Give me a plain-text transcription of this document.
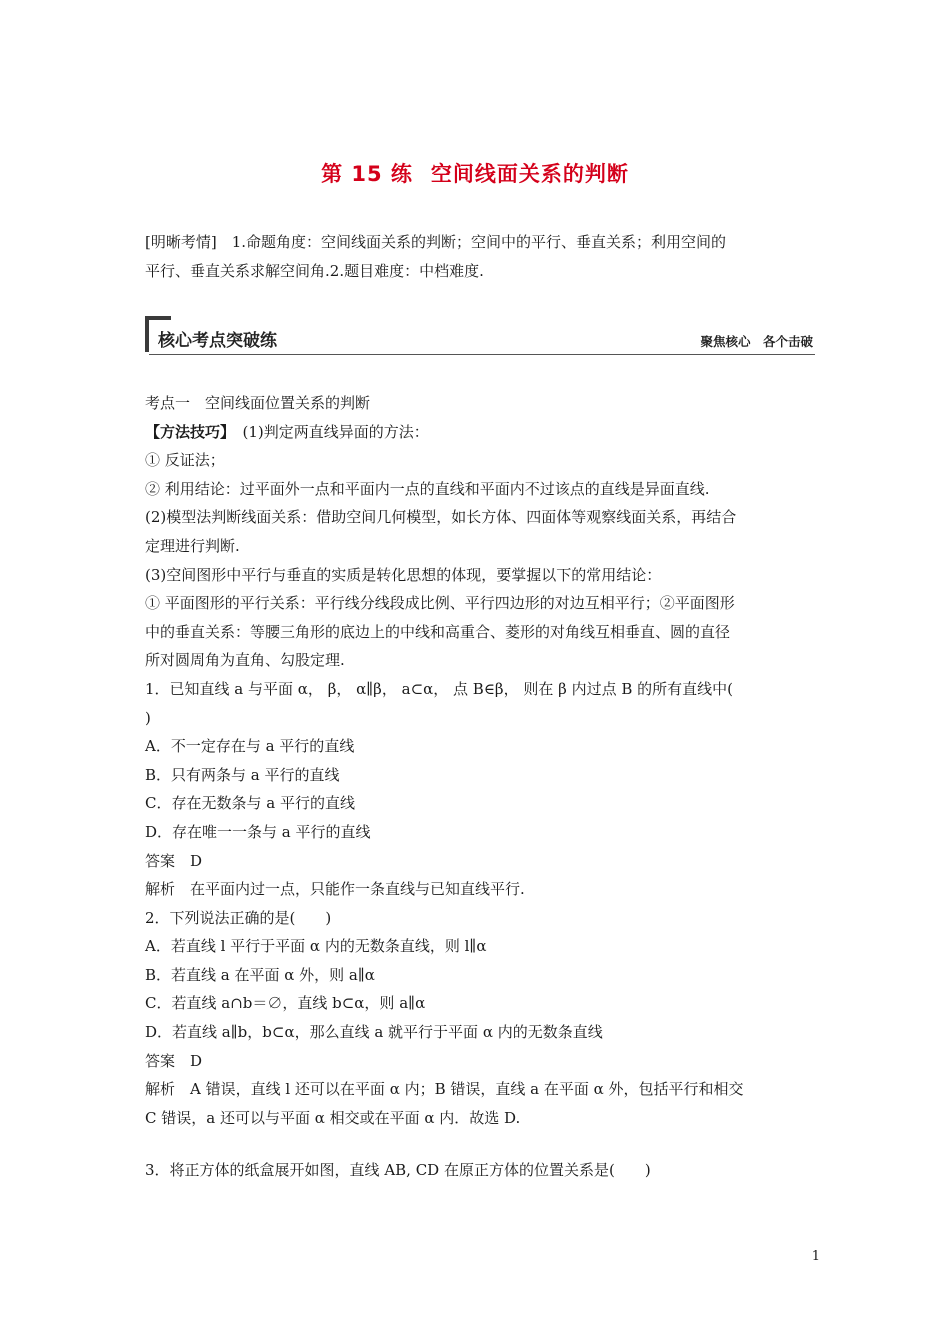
第 15 练 空间线面关系的判断
[明晰考情]　1.命题角度：空间线面关系的判断；空间中的平行、垂直关系；利用空间的
平行、垂直关系求解空间角.2.题目难度：中档难度.
核心考点突破练	聚焦核心　各个击破
考点一　空间线面位置关系的判断
【方法技巧】　(1)判定两直线异面的方法：
① 反证法；
② 利用结论：过平面外一点和平面内一点的直线和平面内不过该点的直线是异面直线.
(2)模型法判断线面关系：借助空间几何模型，如长方体、四面体等观察线面关系，再结合
定理进行判断.
(3)空间图形中平行与垂直的实质是转化思想的体现，要掌握以下的常用结论：
① 平面图形的平行关系：平行线分线段成比例、平行四边形的对边互相平行；②平面图形
中的垂直关系：等腰三角形的底边上的中线和高重合、菱形的对角线互相垂直、圆的直径
所对圆周角为直角、勾股定理.
1．已知直线 a 与平面 α， β， α∥β， a⊂α， 点 B∈β， 则在 β 内过点 B 的所有直线中(
)
A．不一定存在与 a 平行的直线
B．只有两条与 a 平行的直线
C．存在无数条与 a 平行的直线
D．存在唯一一条与 a 平行的直线
答案　D
解析　在平面内过一点，只能作一条直线与已知直线平行.
2．下列说法正确的是(　　)
A．若直线 l 平行于平面 α 内的无数条直线，则 l∥α
B．若直线 a 在平面 α 外，则 a∥α
C．若直线 a∩b＝∅，直线 b⊂α，则 a∥α
D．若直线 a∥b，b⊂α，那么直线 a 就平行于平面 α 内的无数条直线
答案　D
解析　A 错误，直线 l 还可以在平面 α 内；B 错误，直线 a 在平面 α 外，包括平行和相交
C 错误，a 还可以与平面 α 相交或在平面 α 内．故选 D.
3．将正方体的纸盒展开如图，直线 AB, CD 在原正方体的位置关系是(　　)
1
